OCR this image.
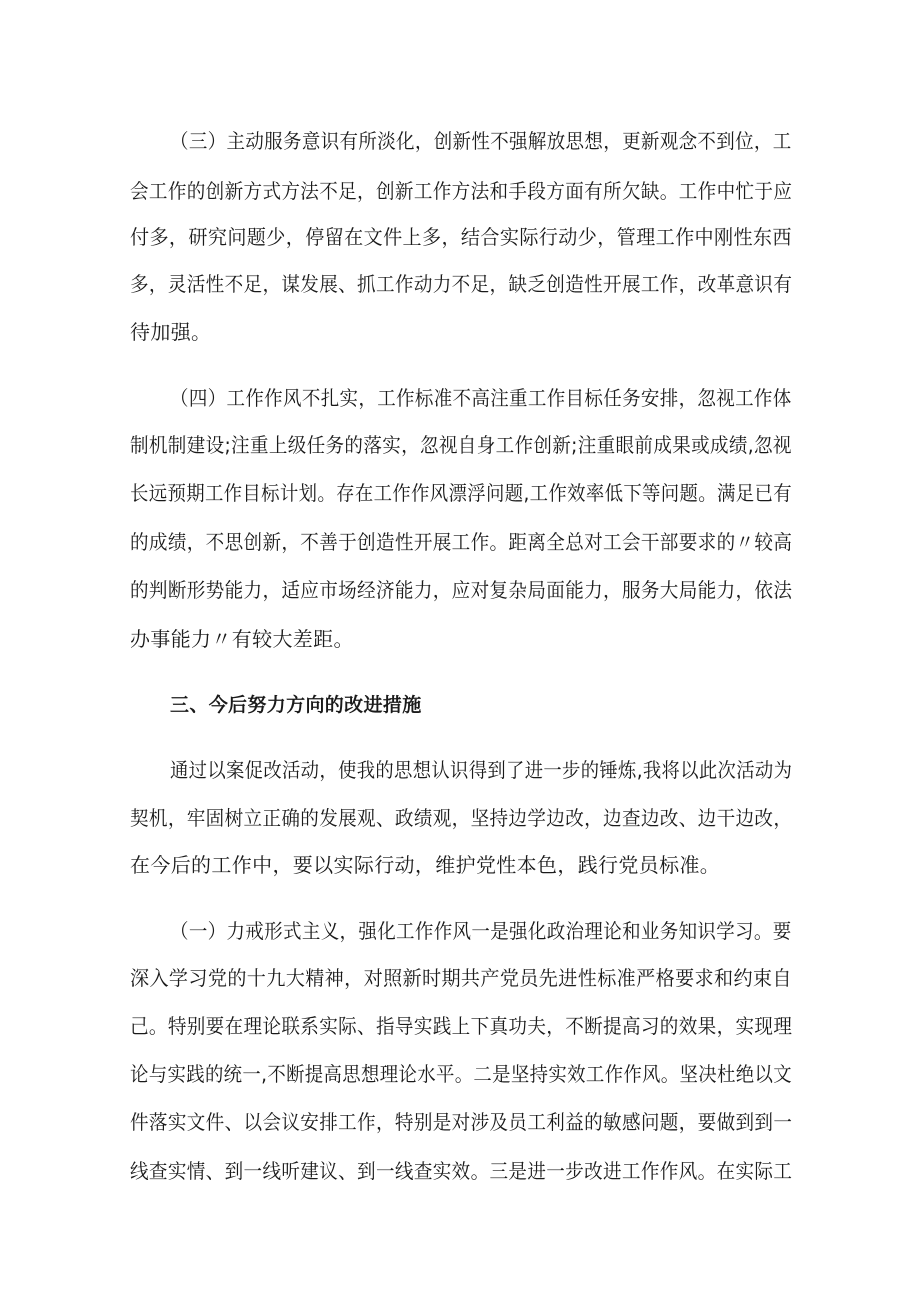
（三）主动服务意识有所淡化，创新性不强解放思想，更新观念不到位，工
会工作的创新方式方法不足，创新工作方法和手段方面有所欠缺。工作中忙于应
付多，研究问题少，停留在文件上多，结合实际行动少，管理工作中刚性东西
多，灵活性不足，谋发展、抓工作动力不足，缺乏创造性开展工作，改革意识有
待加强。
（四）工作作风不扎实，工作标准不高注重工作目标任务安排，忽视工作体
制机制建设;注重上级任务的落实，忽视自身工作创新;注重眼前成果或成绩,忽视
长远预期工作目标计划。存在工作作风漂浮问题,工作效率低下等问题。满足已有
的成绩，不思创新，不善于创造性开展工作。距离全总对工会干部要求的〃较高
的判断形势能力，适应市场经济能力，应对复杂局面能力，服务大局能力，依法
办事能力〃有较大差距。
三、今后努力方向的改进措施
通过以案促改活动，使我的思想认识得到了进一步的锤炼,我将以此次活动为
契机，牢固树立正确的发展观、政绩观，坚持边学边改，边查边改、边干边改，
在今后的工作中，要以实际行动，维护党性本色，践行党员标准。
（一）力戒形式主义，强化工作作风一是强化政治理论和业务知识学习。要
深入学习党的十九大精神，对照新时期共产党员先进性标准严格要求和约束自
己。特别要在理论联系实际、指导实践上下真功夫，不断提高习的效果，实现理
论与实践的统一,不断提高思想理论水平。二是坚持实效工作作风。坚决杜绝以文
件落实文件、以会议安排工作，特别是对涉及员工利益的敏感问题，要做到到一
线查实情、到一线听建议、到一线查实效。三是进一步改进工作作风。在实际工
